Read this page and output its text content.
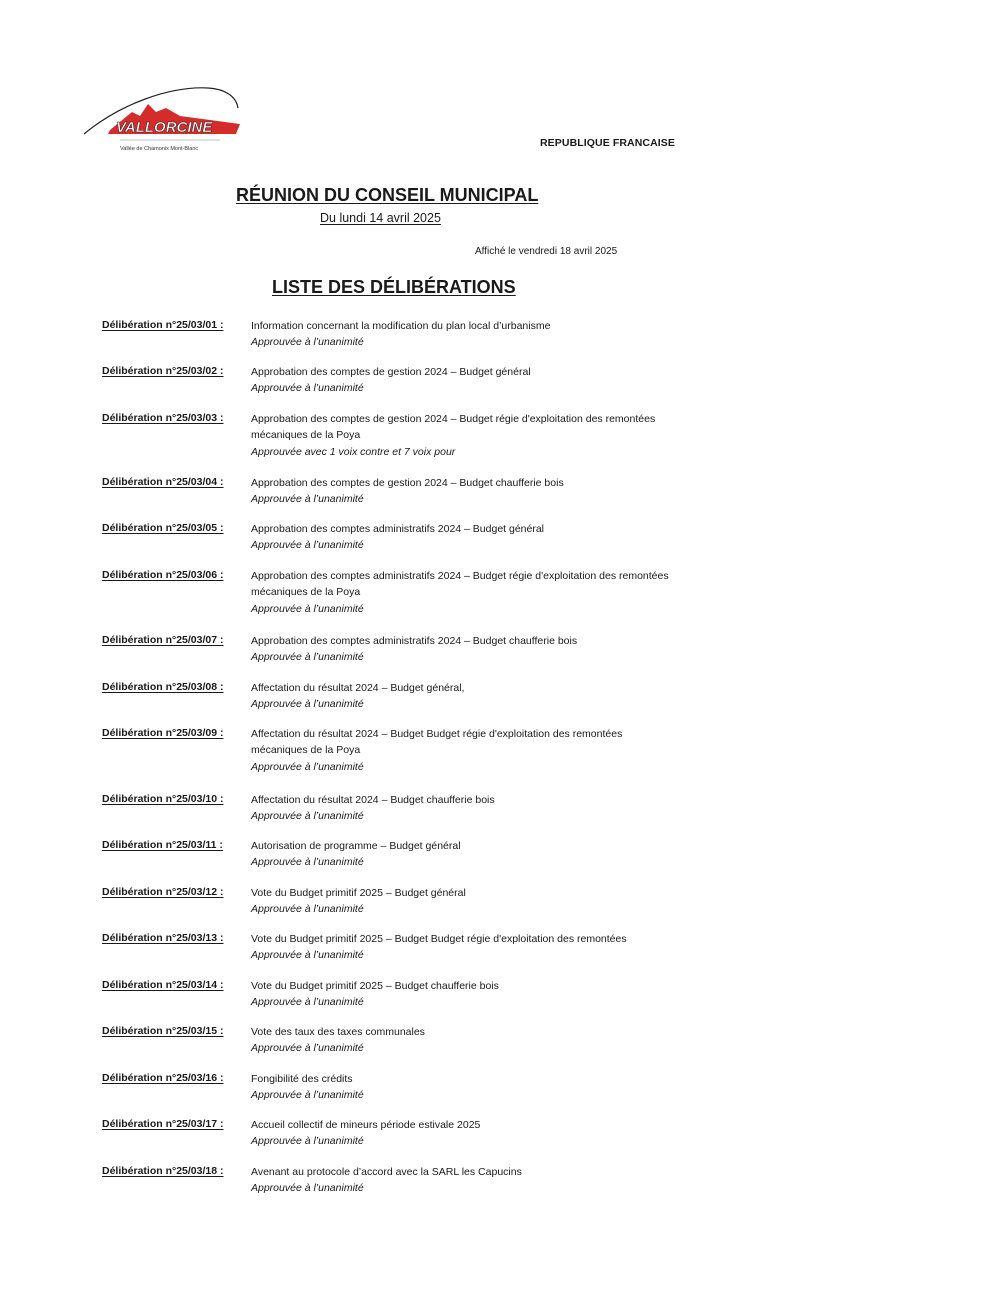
VALLORCINE
Vallée de Chamonix Mont-Blanc	REPUBLIQUE FRANCAISE
RÉUNION DU CONSEIL MUNICIPAL
Du lundi 14 avril 2025
Affiché le vendredi 18 avril 2025
LISTE DES DÉLIBÉRATIONS
Délibération n°25/03/01 :	Information concernant la modification du plan local d’urbanisme

Approuvée à l’unanimité

Délibération n°25/03/02 :	Approbation des comptes de gestion 2024 – Budget général

Approuvée à l’unanimité

Délibération n°25/03/03 :	Approbation des comptes de gestion 2024 – Budget régie d'exploitation des remontées mécaniques de la Poya

Approuvée avec 1 voix contre et 7 voix pour

Délibération n°25/03/04 :	Approbation des comptes de gestion 2024 – Budget chaufferie bois

Approuvée à l’unanimité

Délibération n°25/03/05 :	Approbation des comptes administratifs 2024 – Budget général

Approuvée à l’unanimité

Délibération n°25/03/06 :	Approbation des comptes administratifs 2024 – Budget régie d'exploitation des remontées mécaniques de la Poya

Approuvée à l’unanimité

Délibération n°25/03/07 :	Approbation des comptes administratifs 2024 – Budget chaufferie bois

Approuvée à l’unanimité

Délibération n°25/03/08 :	Affectation du résultat 2024 – Budget général,

Approuvée à l’unanimité

Délibération n°25/03/09 :	Affectation du résultat 2024 – Budget Budget régie d'exploitation des remontées mécaniques de la Poya

Approuvée à l’unanimité

Délibération n°25/03/10 :	Affectation du résultat 2024 – Budget chaufferie bois

Approuvée à l’unanimité

Délibération n°25/03/11 :	Autorisation de programme – Budget général

Approuvée à l’unanimité

Délibération n°25/03/12 :	Vote du Budget primitif 2025 – Budget général

Approuvée à l’unanimité

Délibération n°25/03/13 :	Vote du Budget primitif 2025 – Budget Budget régie d'exploitation des remontées

Approuvée à l’unanimité

Délibération n°25/03/14 :	Vote du Budget primitif 2025 – Budget chaufferie bois

Approuvée à l’unanimité

Délibération n°25/03/15 :	Vote des taux des taxes communales

Approuvée à l’unanimité

Délibération n°25/03/16 :	Fongibilité des crédits

Approuvée à l’unanimité

Délibération n°25/03/17 :	Accueil collectif de mineurs période estivale 2025

Approuvée à l’unanimité

Délibération n°25/03/18 :	Avenant au protocole d’accord avec la SARL les Capucins

Approuvée à l’unanimité
